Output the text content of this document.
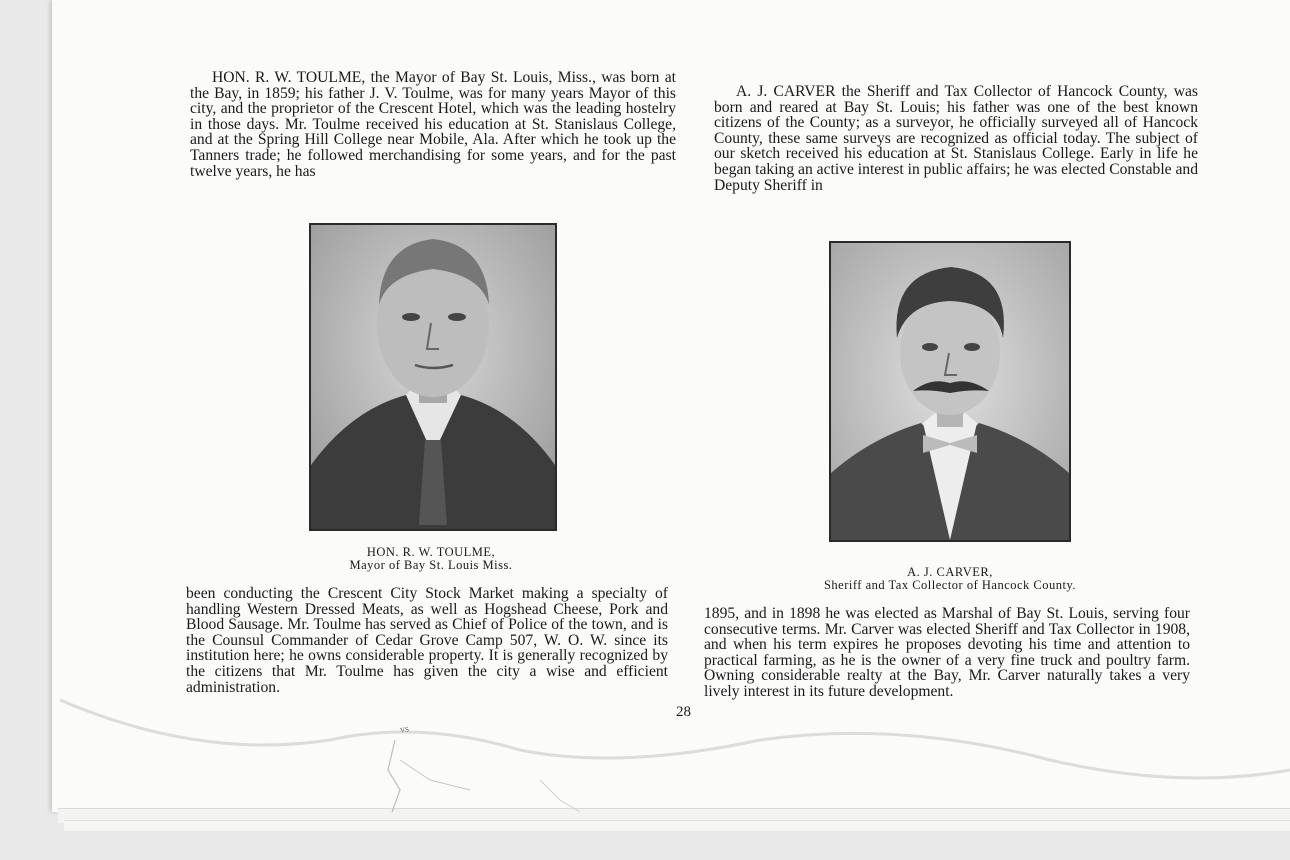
HON. R. W. TOULME, the Mayor of Bay St. Louis, Miss., was born at the Bay, in 1859; his father J. V. Toulme, was for many years Mayor of this city, and the proprietor of the Crescent Hotel, which was the leading hostelry in those days. Mr. Toulme received his education at St. Stanislaus College, and at the Spring Hill College near Mobile, Ala. After which he took up the Tanners trade; he followed merchandising for some years, and for the past twelve years, he has

HON. R. W. TOULME,
Mayor of Bay St. Louis Miss.

been conducting the Crescent City Stock Market making a specialty of handling Western Dressed Meats, as well as Hogshead Cheese, Pork and Blood Sausage. Mr. Toulme has served as Chief of Police of the town, and is the Counsul Commander of Cedar Grove Camp 507, W. O. W. since its institution here; he owns considerable property. It is generally recognized by the citizens that Mr. Toulme has given the city a wise and efficient administration.

A. J. CARVER the Sheriff and Tax Collector of Hancock County, was born and reared at Bay St. Louis; his father was one of the best known citizens of the County; as a surveyor, he officially surveyed all of Hancock County, these same surveys are recognized as official today. The subject of our sketch received his education at St. Stanislaus College. Early in life he began taking an active interest in public affairs; he was elected Constable and Deputy Sheriff in

A. J. CARVER,
Sheriff and Tax Collector of Hancock County.

1895, and in 1898 he was elected as Marshal of Bay St. Louis, serving four consecutive terms. Mr. Carver was elected Sheriff and Tax Collector in 1908, and when his term expires he proposes devoting his time and attention to practical farming, as he is the owner of a very fine truck and poultry farm. Owning considerable realty at the Bay, Mr. Carver naturally takes a very lively interest in its future development.

28
vs
